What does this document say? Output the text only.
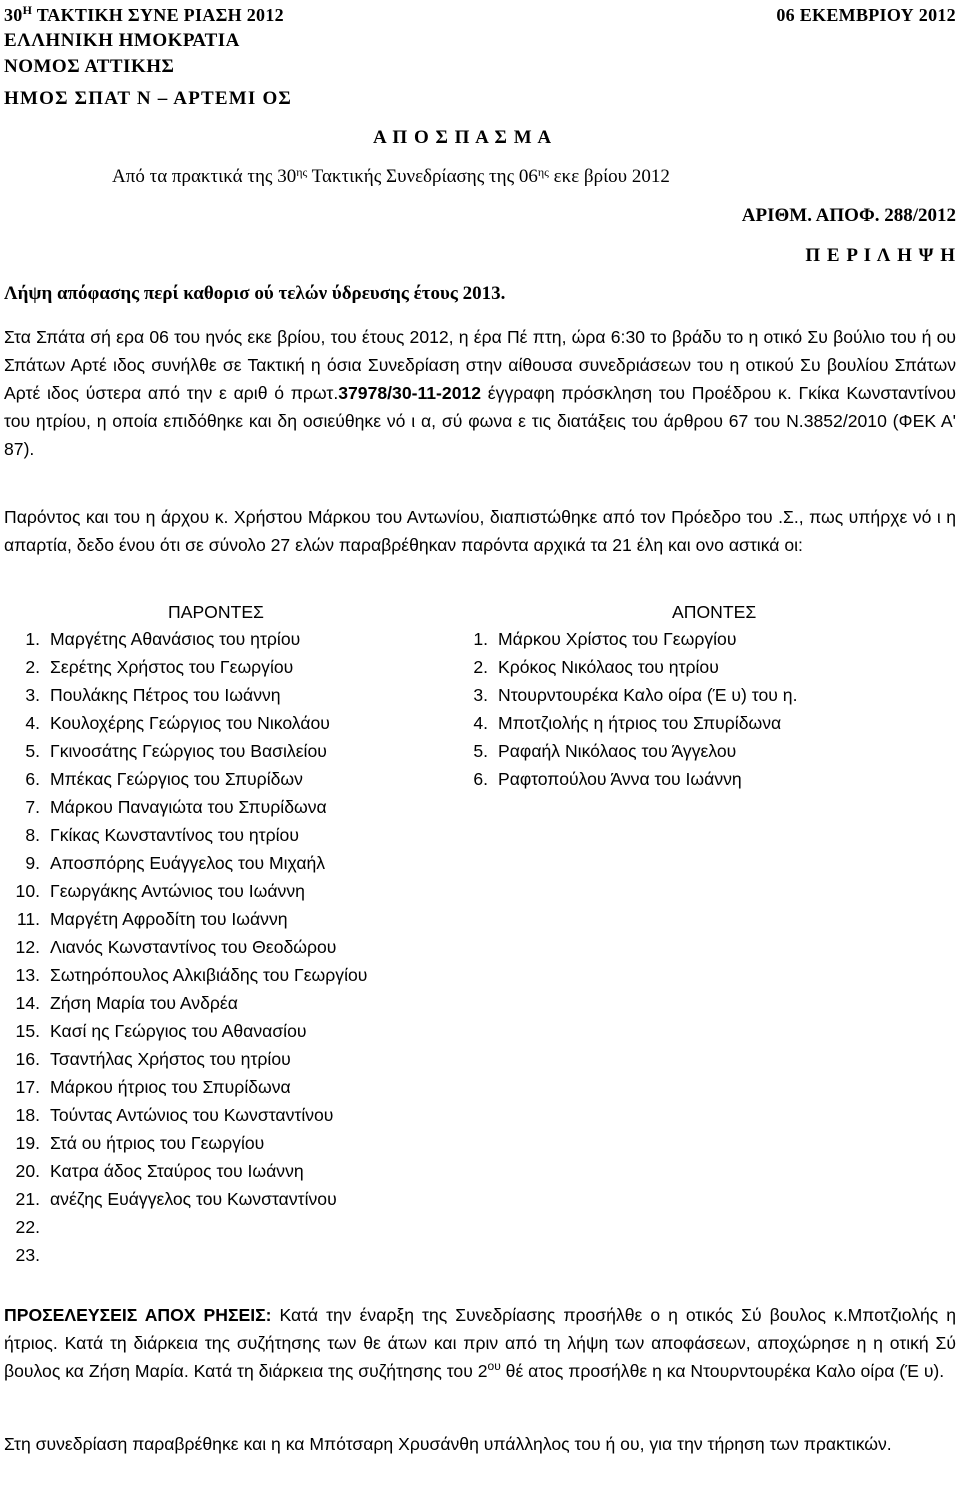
$30^H$ ΤΑΚΤΙΚΗ ΣΥΝΕ ΡΙΑΣΗ 2012	06 ΕΚΕΜΒΡΙΟΥ 2012
ΕΛΛΗΝΙΚΗ ΗΜΟΚΡΑΤΙΑ
ΝΟΜΟΣ ΑΤΤΙΚΗΣ
ΗΜΟΣ ΣΠΑΤ Ν – ΑΡΤΕΜΙ ΟΣ
Α Π Ο Σ Π Α Σ Μ Α
Από τα πρακτικά της $30^{\eta\varsigma}$ Τακτικής Συνεδρίασης της $06^{\eta\varsigma}$ εκε βρίου 2012
ΑΡΙΘΜ. ΑΠΟΦ. 288/2012
Π Ε Ρ Ι Λ Η Ψ Η
Λήψη απόφασης περί καθορισ ού τελών ύδρευσης έτους 2013.

Στα Σπάτα σή ερα 06 του ηνός εκε βρίου, του έτους 2012, η έρα Πέ πτη, ώρα 6:30 το βράδυ το η οτικό Συ βούλιο του ή ου Σπάτων Αρτέ ιδος συνήλθε σε Τακτική η όσια Συνεδρίαση στην αίθουσα συνεδριάσεων του η οτικού Συ βουλίου Σπάτων Αρτέ ιδος ύστερα από την ε αριθ ό πρωτ.37978/30-11-2012 έγγραφη πρόσκληση του Προέδρου κ. Γκίκα Κωνσταντίνου του ητρίου, η οποία επιδόθηκε και δη οσιεύθηκε νό ι α, σύ φωνα ε τις διατάξεις του άρθρου 67 του Ν.3852/2010 (ΦΕΚ Α' 87).

Παρόντος και του η άρχου κ. Χρήστου Μάρκου του Αντωνίου, διαπιστώθηκε από τον Πρόεδρο του .Σ., πως υπήρχε νό ι η απαρτία, δεδο ένου ότι σε σύνολο 27 ελών παραβρέθηκαν παρόντα αρχικά τα 21 έλη και ονο αστικά οι:

ΠΑΡΟΝΤΕΣ	ΑΠΟΝΤΕΣ
1. Μαργέτης Αθανάσιος του ητρίου
2. Σερέτης Χρήστος του Γεωργίου
3. Πουλάκης Πέτρος του Ιωάννη
4. Κουλοχέρης Γεώργιος του Νικολάου
5. Γκινοσάτης Γεώργιος του Βασιλείου
6. Μπέκας Γεώργιος του Σπυρίδων
7. Μάρκου Παναγιώτα του Σπυρίδωνα
8. Γκίκας Κωνσταντίνος του ητρίου
9. Αποσπόρης Ευάγγελος του Μιχαήλ
10. Γεωργάκης Αντώνιος του Ιωάννη
11. Μαργέτη Αφροδίτη του Ιωάννη
12. Λιανός Κωνσταντίνος του Θεοδώρου
13. Σωτηρόπουλος Αλκιβιάδης του Γεωργίου
14. Ζήση Μαρία του Ανδρέα
15. Κασί ης Γεώργιος του Αθανασίου
16. Τσαντήλας Χρήστος του ητρίου
17. Μάρκου ήτριος του Σπυρίδωνα
18. Τούντας Αντώνιος του Κωνσταντίνου
19. Στά ου ήτριος του Γεωργίου
20. Κατρα άδος Σταύρος του Ιωάννη
21. ανέζης Ευάγγελος του Κωνσταντίνου
22.
23.
1. Μάρκου Χρίστος του Γεωργίου
2. Κρόκος Νικόλαος του ητρίου
3. Ντουρντουρέκα Καλο οίρα (Έ υ) του η.
4. Μποτζιολής η ήτριος του Σπυρίδωνα
5. Ραφαήλ Νικόλαος του Άγγελου
6. Ραφτοπούλου Άννα του Ιωάννη

ΠΡΟΣΕΛΕΥΣΕΙΣ ΑΠΟΧ ΡΗΣΕΙΣ: Κατά την έναρξη της Συνεδρίασης προσήλθε ο η οτικός Σύ βουλος κ.Μποτζιολής η ήτριος. Κατά τη διάρκεια της συζήτησης των θε άτων και πριν από τη λήψη των αποφάσεων, αποχώρησε η η οτική Σύ βουλος κα Ζήση Μαρία. Κατά τη διάρκεια της συζήτησης του $2^{o\upsilon}$ θέ ατος προσήλθε η κα Ντουρντουρέκα Καλο οίρα (Έ υ).

Στη συνεδρίαση παραβρέθηκε και η κα Μπότσαρη Χρυσάνθη υπάλληλος του ή ου, για την τήρηση των πρακτικών.
